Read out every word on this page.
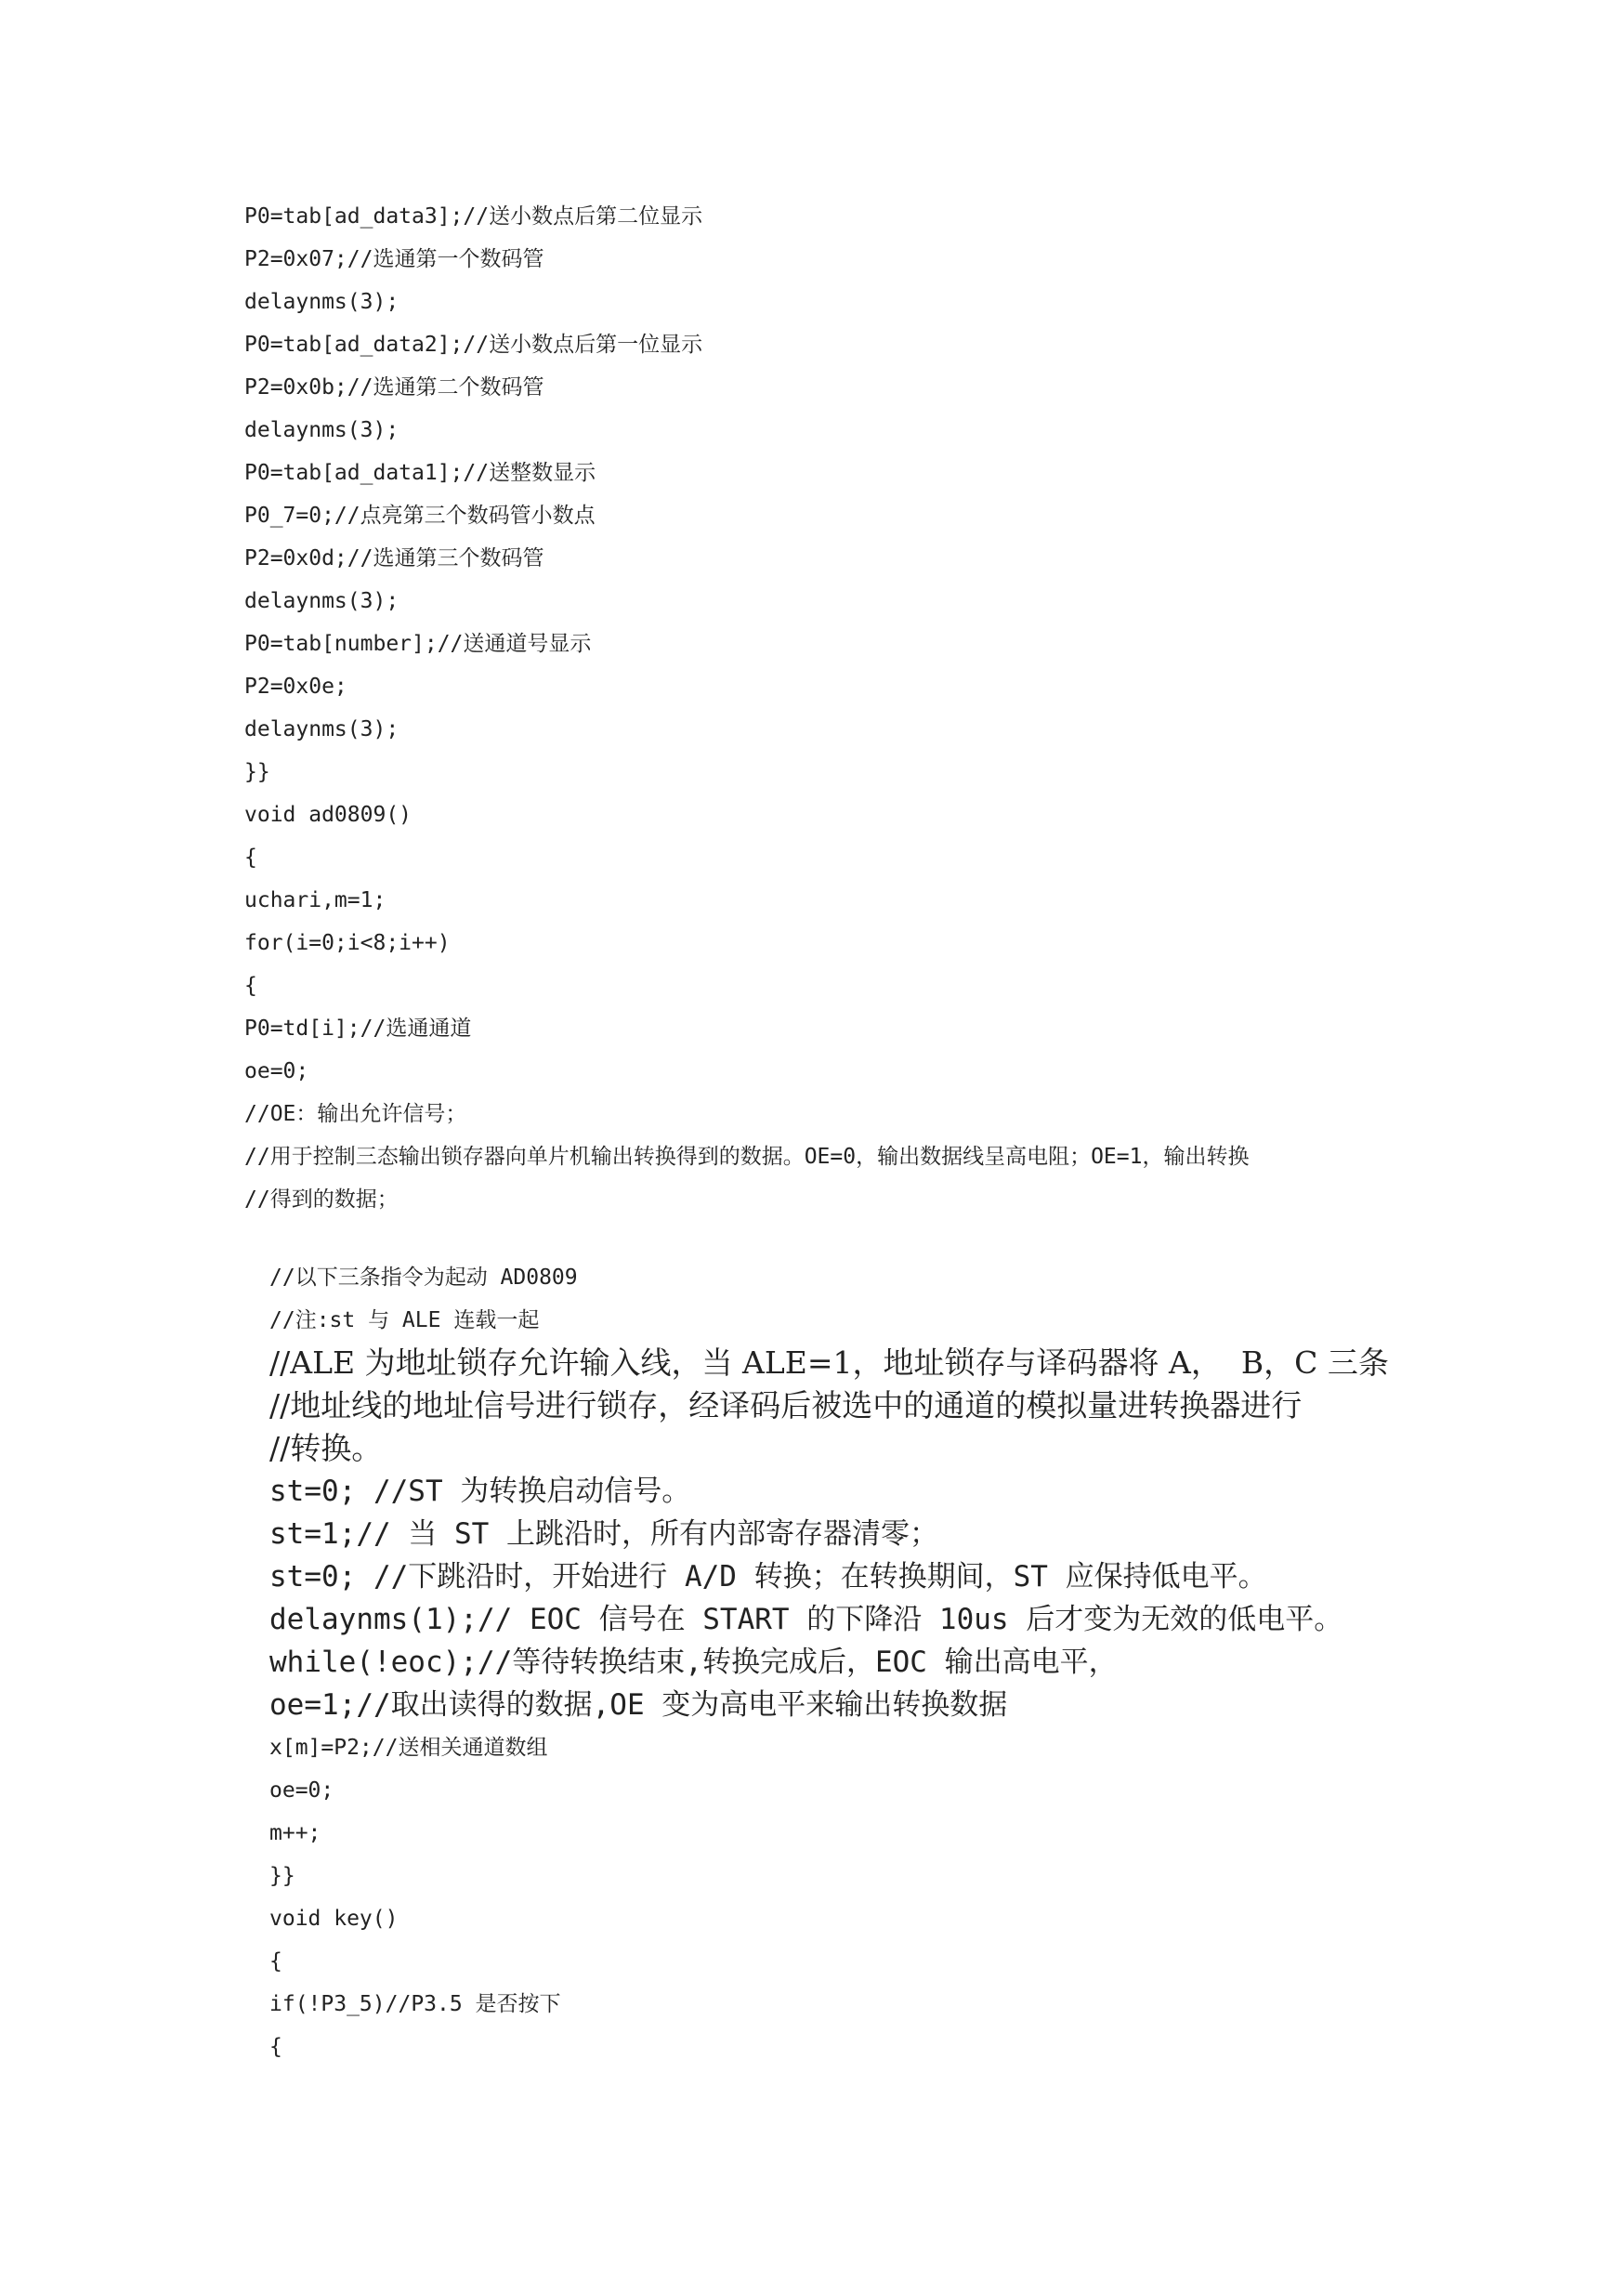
P0=tab[ad_data3];//送小数点后第二位显示
P2=0x07;//选通第一个数码管
delaynms(3);
P0=tab[ad_data2];//送小数点后第一位显示
P2=0x0b;//选通第二个数码管
delaynms(3);
P0=tab[ad_data1];//送整数显示
P0_7=0;//点亮第三个数码管小数点
P2=0x0d;//选通第三个数码管
delaynms(3);
P0=tab[number];//送通道号显示
P2=0x0e;
delaynms(3);
}}
void ad0809()
{
uchari,m=1;
for(i=0;i<8;i++)
{
P0=td[i];//选通通道
oe=0;
//OE：输出允许信号；
//用于控制三态输出锁存器向单片机输出转换得到的数据。OE=0，输出数据线呈高电阻；OE=1，输出转换
//得到的数据；
//以下三条指令为起动 AD0809
//注:st 与 ALE 连载一起
//ALE 为地址锁存允许输入线，当 ALE=1，地址锁存与译码器将 A，  B，C 三条
//地址线的地址信号进行锁存，经译码后被选中的通道的模拟量进转换器进行
//转换。
st=0; //ST 为转换启动信号。
st=1;// 当 ST 上跳沿时，所有内部寄存器清零；
st=0; //下跳沿时，开始进行 A/D 转换；在转换期间，ST 应保持低电平。
delaynms(1);// EOC 信号在 START 的下降沿 10us 后才变为无效的低电平。
while(!eoc);//等待转换结束,转换完成后，EOC 输出高电平，
oe=1;//取出读得的数据,OE 变为高电平来输出转换数据
x[m]=P2;//送相关通道数组
oe=0;
m++;
}}
void key()
{
if(!P3_5)//P3.5 是否按下
{
